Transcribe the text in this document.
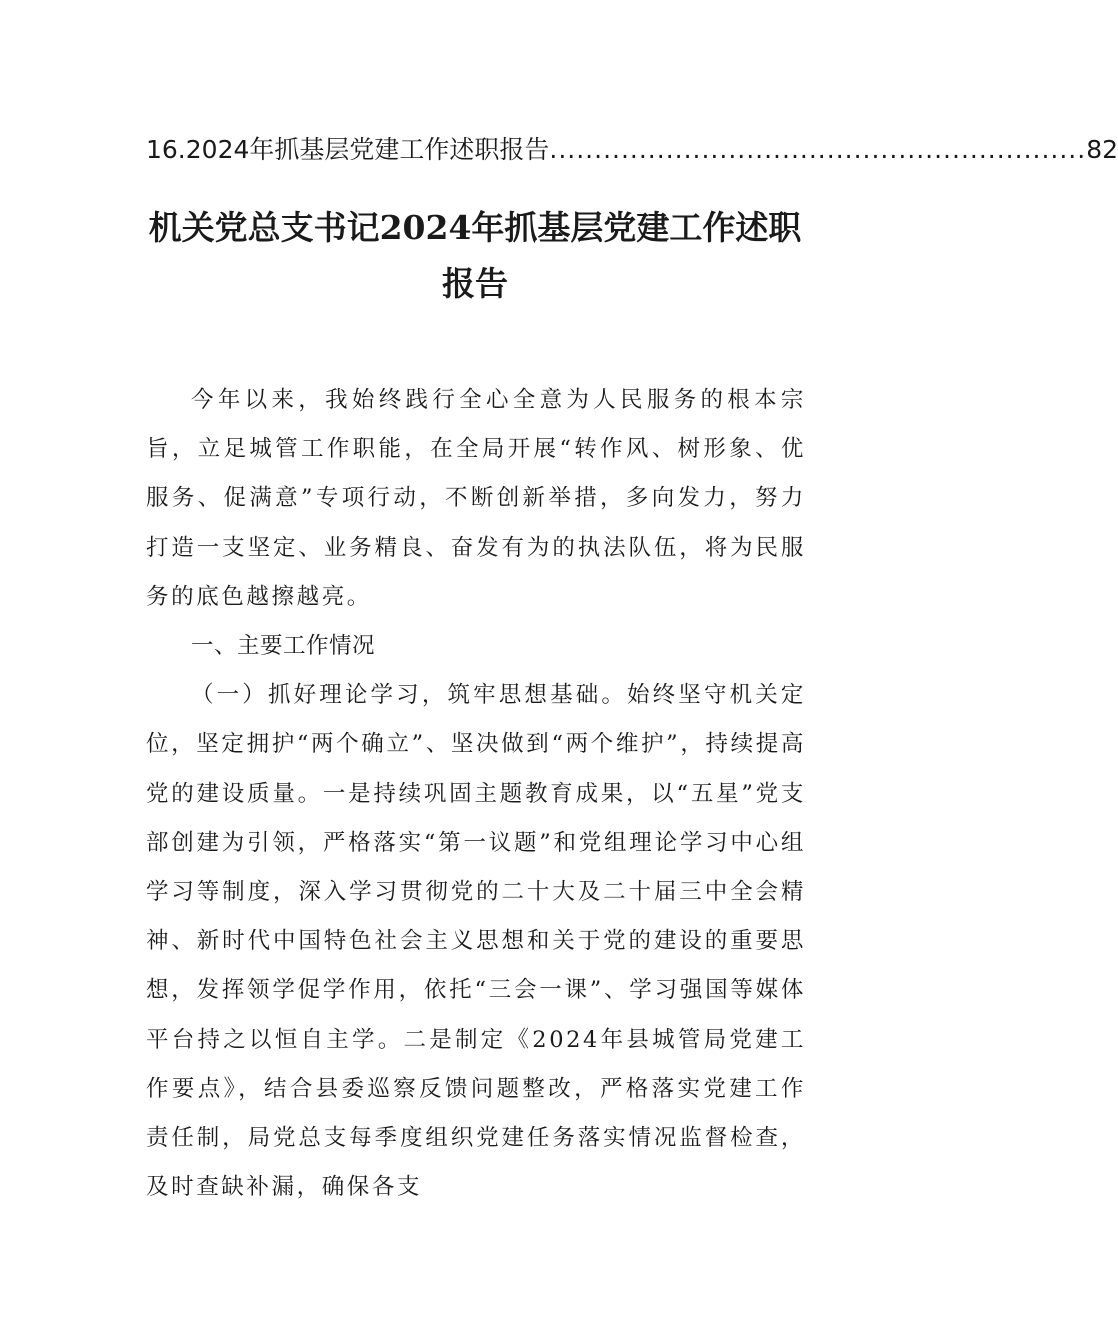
16.2024年抓基层党建工作述职报告 ............................................................ 82
机关党总支书记2024年抓基层党建工作述职报告

今年以来，我始终践行全心全意为人民服务的根本宗旨，立足城管工作职能，在全局开展“转作风、树形象、优服务、促满意”专项行动，不断创新举措，多向发力，努力打造一支坚定、业务精良、奋发有为的执法队伍，将为民服务的底色越擦越亮。

一、主要工作情况

（一）抓好理论学习，筑牢思想基础。始终坚守机关定位，坚定拥护“两个确立”、坚决做到“两个维护”，持续提高党的建设质量。一是持续巩固主题教育成果，以“五星”党支部创建为引领，严格落实“第一议题”和党组理论学习中心组学习等制度，深入学习贯彻党的二十大及二十届三中全会精神、新时代中国特色社会主义思想和关于党的建设的重要思想，发挥领学促学作用，依托“三会一课”、学习强国等媒体平台持之以恒自主学。二是制定《2024年县城管局党建工作要点》，结合县委巡察反馈问题整改，严格落实党建工作责任制，局党总支每季度组织党建任务落实情况监督检查，及时查缺补漏，确保各支
